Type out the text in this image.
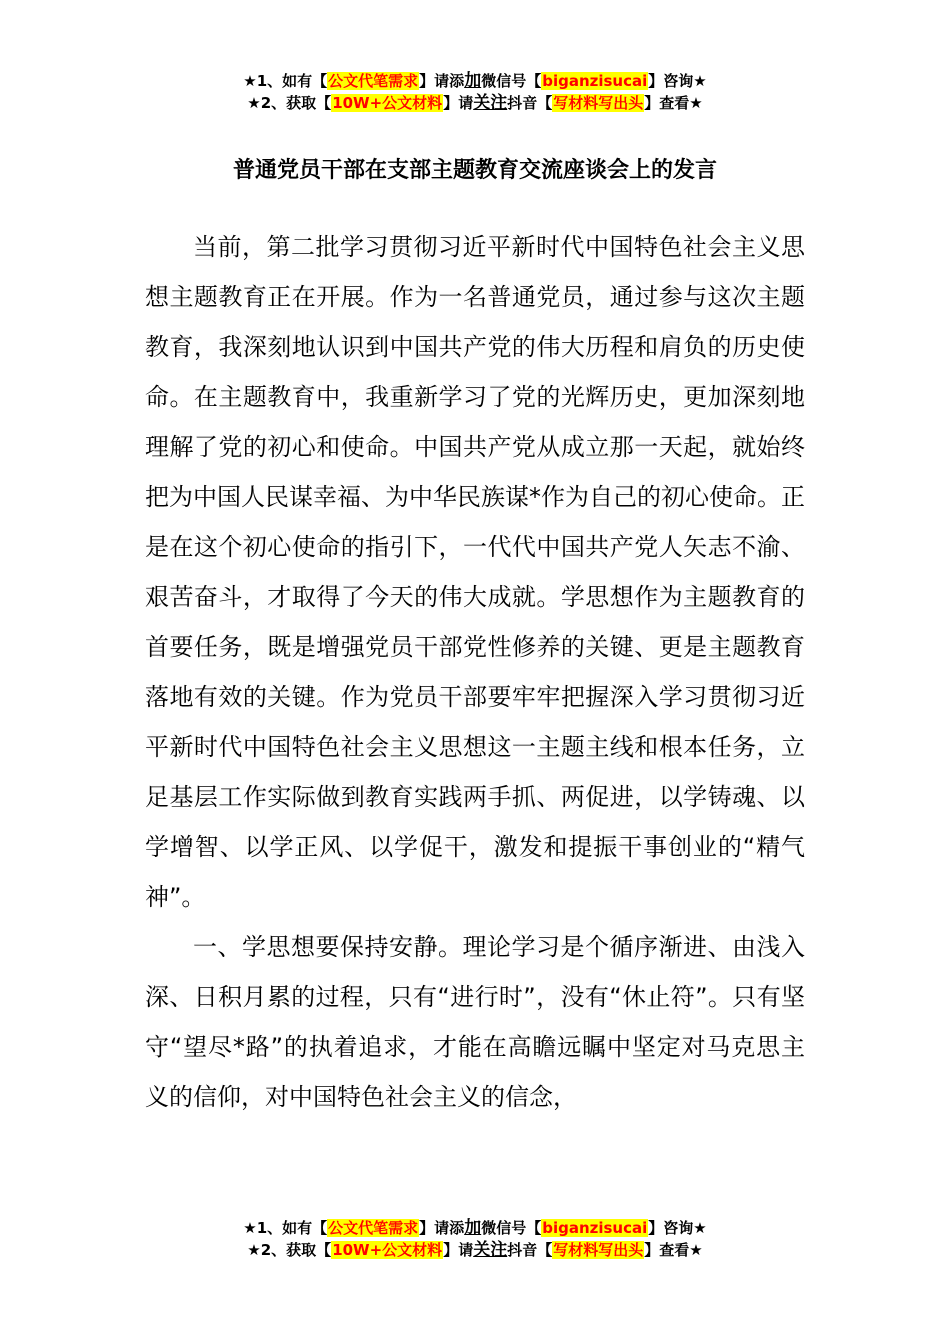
★1、如有【公文代笔需求】请添加微信号【biganzisucai】咨询★
★2、获取【10W+公文材料】请关注抖音【写材料写出头】查看★
普通党员干部在支部主题教育交流座谈会上的发言

当前，第二批学习贯彻习近平新时代中国特色社会主义思想主题教育正在开展。作为一名普通党员，通过参与这次主题教育，我深刻地认识到中国共产党的伟大历程和肩负的历史使命。在主题教育中，我重新学习了党的光辉历史，更加深刻地理解了党的初心和使命。中国共产党从成立那一天起，就始终把为中国人民谋幸福、为中华民族谋*作为自己的初心使命。正是在这个初心使命的指引下，一代代中国共产党人矢志不渝、艰苦奋斗，才取得了今天的伟大成就。学思想作为主题教育的首要任务，既是增强党员干部党性修养的关键、更是主题教育落地有效的关键。作为党员干部要牢牢把握深入学习贯彻习近平新时代中国特色社会主义思想这一主题主线和根本任务，立足基层工作实际做到教育实践两手抓、两促进，以学铸魂、以学增智、以学正风、以学促干，激发和提振干事创业的“精气神”。

一、学思想要保持安静。理论学习是个循序渐进、由浅入深、日积月累的过程，只有“进行时”，没有“休止符”。只有坚守“望尽*路”的执着追求，才能在高瞻远瞩中坚定对马克思主义的信仰，对中国特色社会主义的信念，

★1、如有【公文代笔需求】请添加微信号【biganzisucai】咨询★
★2、获取【10W+公文材料】请关注抖音【写材料写出头】查看★
